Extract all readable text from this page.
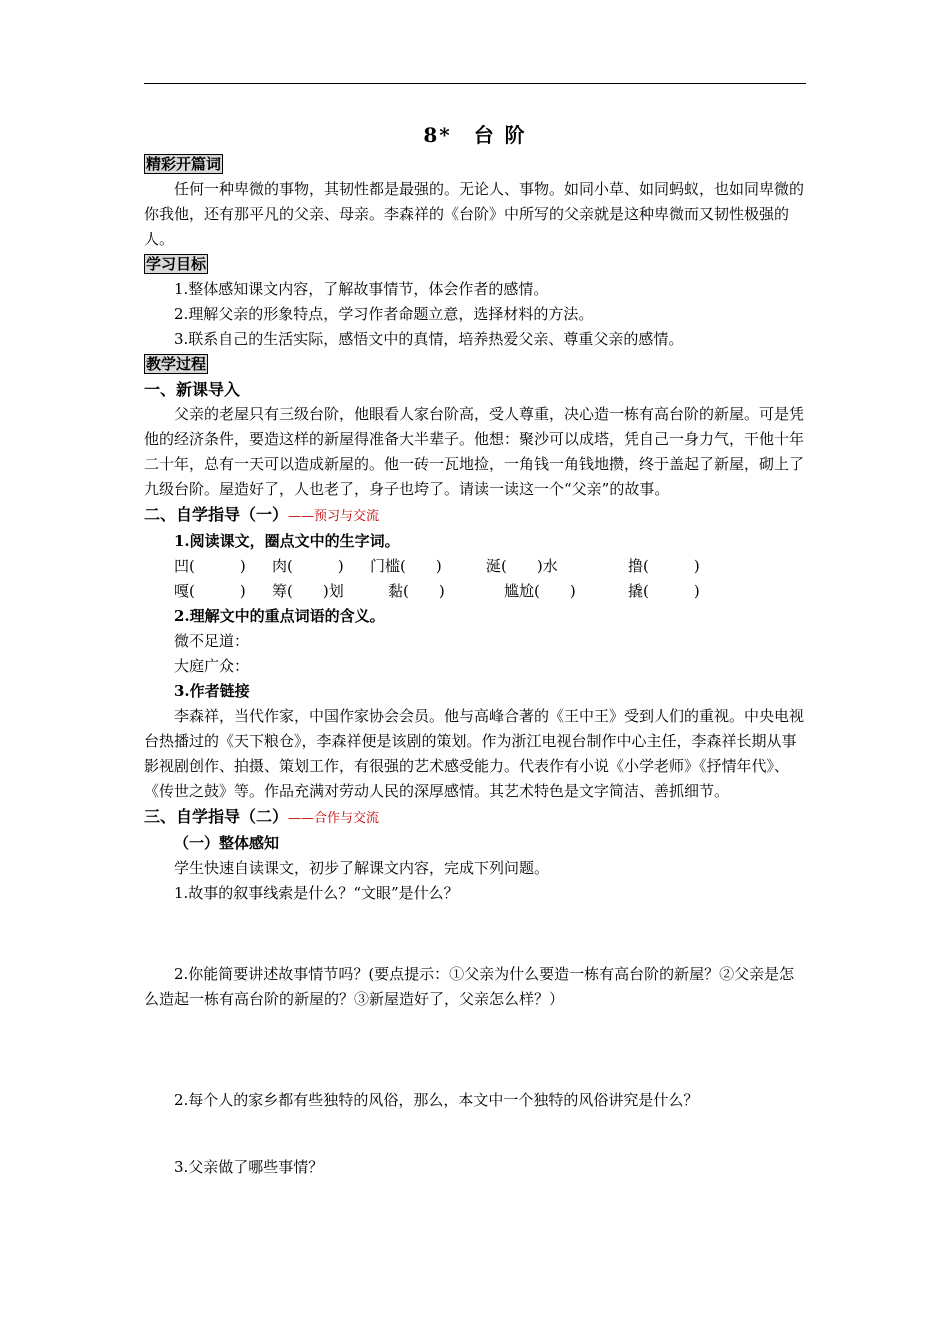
8*　台 阶
精彩开篇词
任何一种卑微的事物，其韧性都是最强的。无论人、事物。如同小草、如同蚂蚁，也如同卑微的你我他，还有那平凡的父亲、母亲。李森祥的《台阶》中所写的父亲就是这种卑微而又韧性极强的人。
学习目标
1.整体感知课文内容，了解故事情节，体会作者的感情。
2.理解父亲的形象特点，学习作者命题立意，选择材料的方法。
3.联系自己的生活实际，感悟文中的真情，培养热爱父亲、尊重父亲的感情。
教学过程
一、新课导入
父亲的老屋只有三级台阶，他眼看人家台阶高，受人尊重，决心造一栋有高台阶的新屋。可是凭他的经济条件，要造这样的新屋得准备大半辈子。他想：聚沙可以成塔，凭自己一身力气，干他十年二十年，总有一天可以造成新屋的。他一砖一瓦地捡，一角钱一角钱地攒，终于盖起了新屋，砌上了九级台阶。屋造好了，人也老了，身子也垮了。请读一读这一个“父亲”的故事。
二、自学指导（一）——预习与交流
1.阅读课文，圈点文中的生字词。
凹(　　　)	肉(　　　)	门槛(　　)	涎(　　)水	撸(　　　)
嘎(　　　)	筹(　　)划	黏(　　)	尴尬(　　)	撬(　　　)
2.理解文中的重点词语的含义。
微不足道：
大庭广众：
3.作者链接
李森祥，当代作家，中国作家协会会员。他与高峰合著的《王中王》受到人们的重视。中央电视台热播过的《天下粮仓》，李森祥便是该剧的策划。作为浙江电视台制作中心主任，李森祥长期从事影视剧创作、拍摄、策划工作，有很强的艺术感受能力。代表作有小说《小学老师》《抒情年代》、《传世之鼓》等。作品充满对劳动人民的深厚感情。其艺术特色是文字简洁、善抓细节。
三、自学指导（二）——合作与交流
（一）整体感知
学生快速自读课文，初步了解课文内容，完成下列问题。
1.故事的叙事线索是什么？“文眼”是什么？
2.你能简要讲述故事情节吗？(要点提示：①父亲为什么要造一栋有高台阶的新屋？②父亲是怎么造起一栋有高台阶的新屋的？③新屋造好了，父亲怎么样？）
2.每个人的家乡都有些独特的风俗，那么，本文中一个独特的风俗讲究是什么？
3.父亲做了哪些事情？
